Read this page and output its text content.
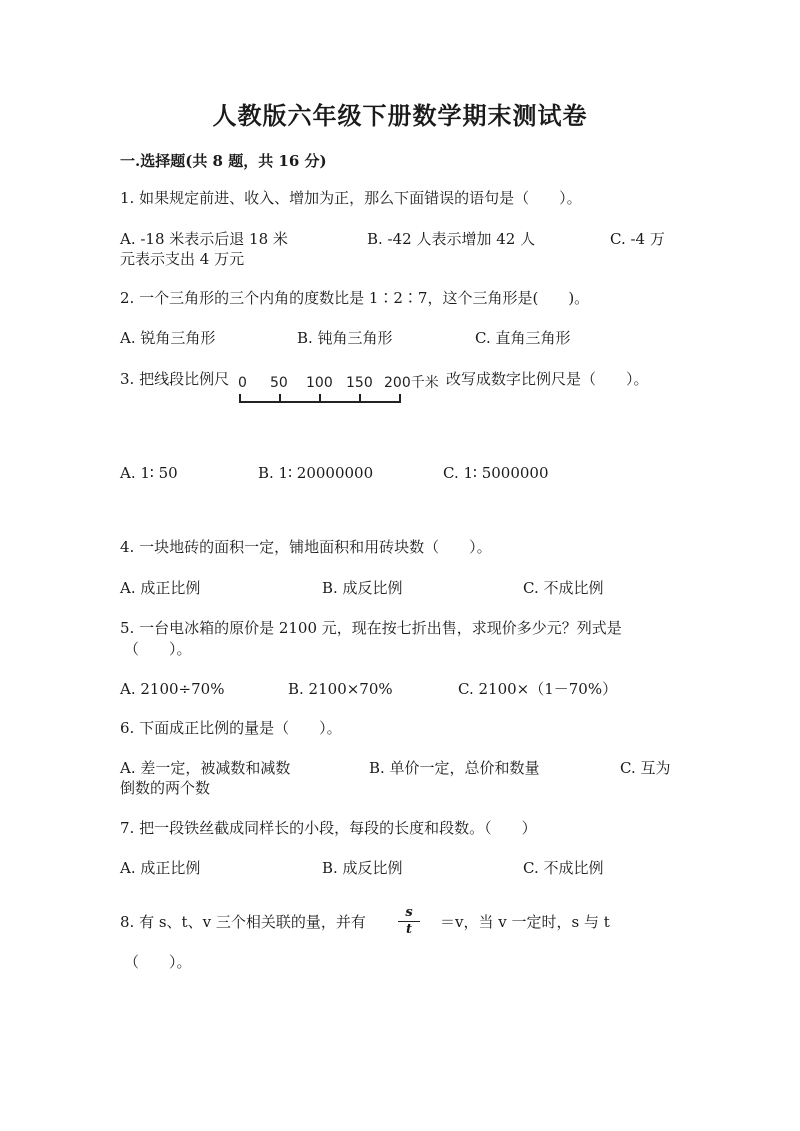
人教版六年级下册数学期末测试卷
一.选择题(共 8 题，共 16 分)
1. 如果规定前进、收入、增加为正，那么下面错误的语句是（　　）。
A. -18 米表示后退 18 米	B. -42 人表示增加 42 人	C. -4 万
元表示支出 4 万元
2. 一个三角形的三个内角的度数比是 1∶2∶7，这个三角形是(　　)。
A. 锐角三角形	B. 钝角三角形	C. 直角三角形
3. 把线段比例尺 0 50 100 150 200千米 改写成数字比例尺是（　　）。
A. 1∶ 50	B. 1∶ 20000000	C. 1∶ 5000000
4. 一块地砖的面积一定，铺地面积和用砖块数（　　）。
A. 成正比例	B. 成反比例	C. 不成比例
5. 一台电冰箱的原价是 2100 元，现在按七折出售，求现价多少元？列式是
（　　）。
A. 2100÷70%	B. 2100×70%	C. 2100×（1－70%）
6. 下面成正比例的量是（　　）。
A. 差一定，被减数和减数	B. 单价一定，总价和数量	C. 互为
倒数的两个数
7. 把一段铁丝截成同样长的小段，每段的长度和段数。（　　）
A. 成正比例	B. 成反比例	C. 不成比例
8. 有 s、t、v 三个相关联的量，并有
s
t	＝v，当 v 一定时，s 与 t
（　　）。
